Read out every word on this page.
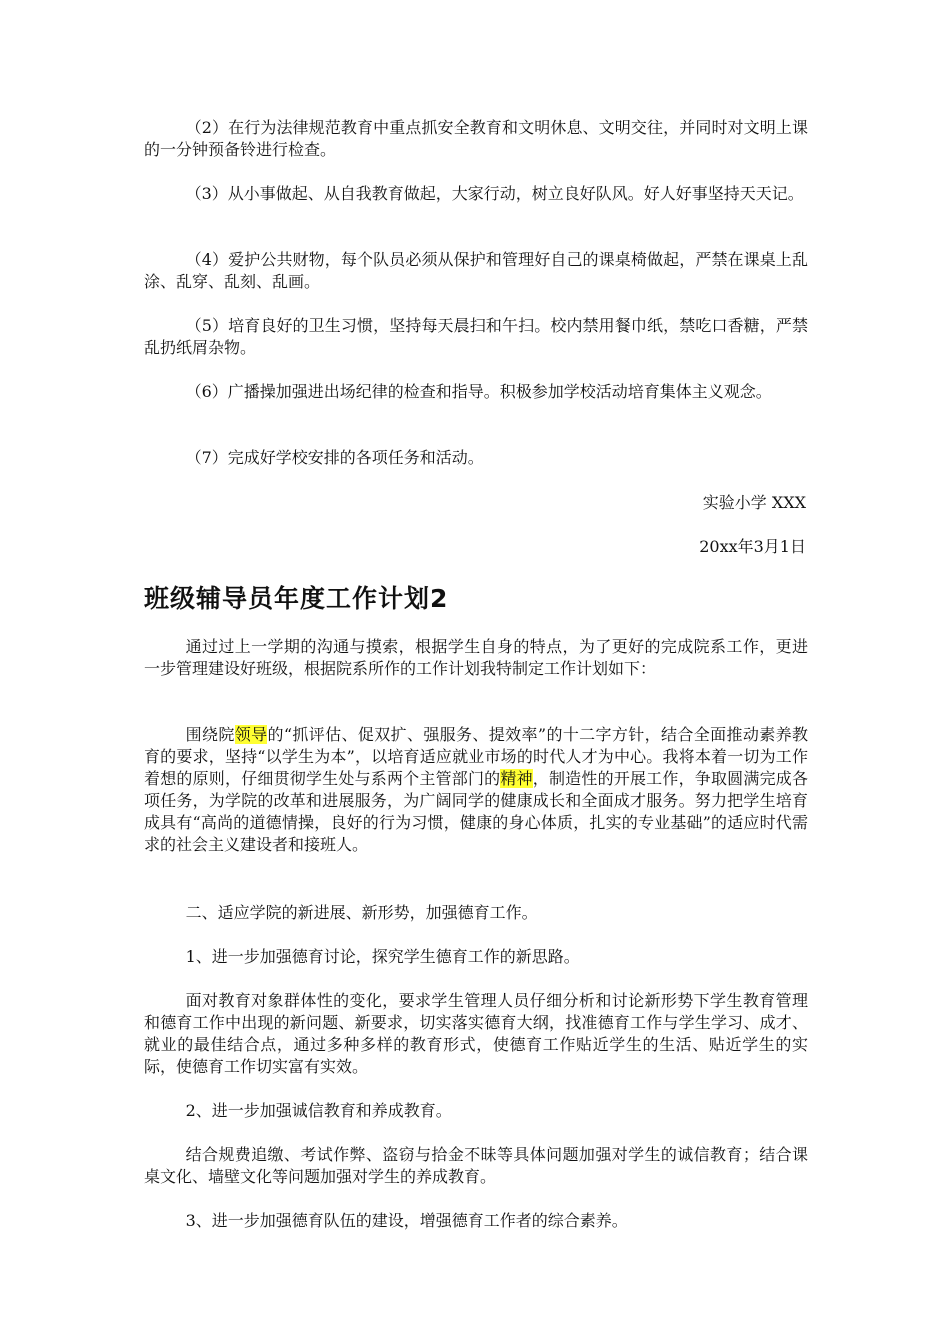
（2）在行为法律规范教育中重点抓安全教育和文明休息、文明交往，并同时对文明上课的一分钟预备铃进行检查。

（3）从小事做起、从自我教育做起，大家行动，树立良好队风。好人好事坚持天天记。

（4）爱护公共财物，每个队员必须从保护和管理好自己的课桌椅做起，严禁在课桌上乱涂、乱穿、乱刻、乱画。

（5）培育良好的卫生习惯，坚持每天晨扫和午扫。校内禁用餐巾纸，禁吃口香糖，严禁乱扔纸屑杂物。

（6）广播操加强进出场纪律的检查和指导。积极参加学校活动培育集体主义观念。

（7）完成好学校安排的各项任务和活动。

实验小学 XXX

20xx年3月1日

班级辅导员年度工作计划2

通过过上一学期的沟通与摸索，根据学生自身的特点，为了更好的完成院系工作，更进一步管理建设好班级，根据院系所作的工作计划我特制定工作计划如下：

围绕院领导的“抓评估、促双扩、强服务、提效率”的十二字方针，结合全面推动素养教育的要求，坚持“以学生为本”，以培育适应就业市场的时代人才为中心。我将本着一切为工作着想的原则，仔细贯彻学生处与系两个主管部门的精神，制造性的开展工作，争取圆满完成各项任务，为学院的改革和进展服务，为广阔同学的健康成长和全面成才服务。努力把学生培育成具有“高尚的道德情操，良好的行为习惯，健康的身心体质，扎实的专业基础”的适应时代需求的社会主义建设者和接班人。

二、适应学院的新进展、新形势，加强德育工作。

1、进一步加强德育讨论，探究学生德育工作的新思路。

面对教育对象群体性的变化，要求学生管理人员仔细分析和讨论新形势下学生教育管理和德育工作中出现的新问题、新要求，切实落实德育大纲，找准德育工作与学生学习、成才、就业的最佳结合点，通过多种多样的教育形式，使德育工作贴近学生的生活、贴近学生的实际，使德育工作切实富有实效。

2、进一步加强诚信教育和养成教育。

结合规费追缴、考试作弊、盗窃与拾金不昧等具体问题加强对学生的诚信教育；结合课桌文化、墙壁文化等问题加强对学生的养成教育。

3、进一步加强德育队伍的建设，增强德育工作者的综合素养。
